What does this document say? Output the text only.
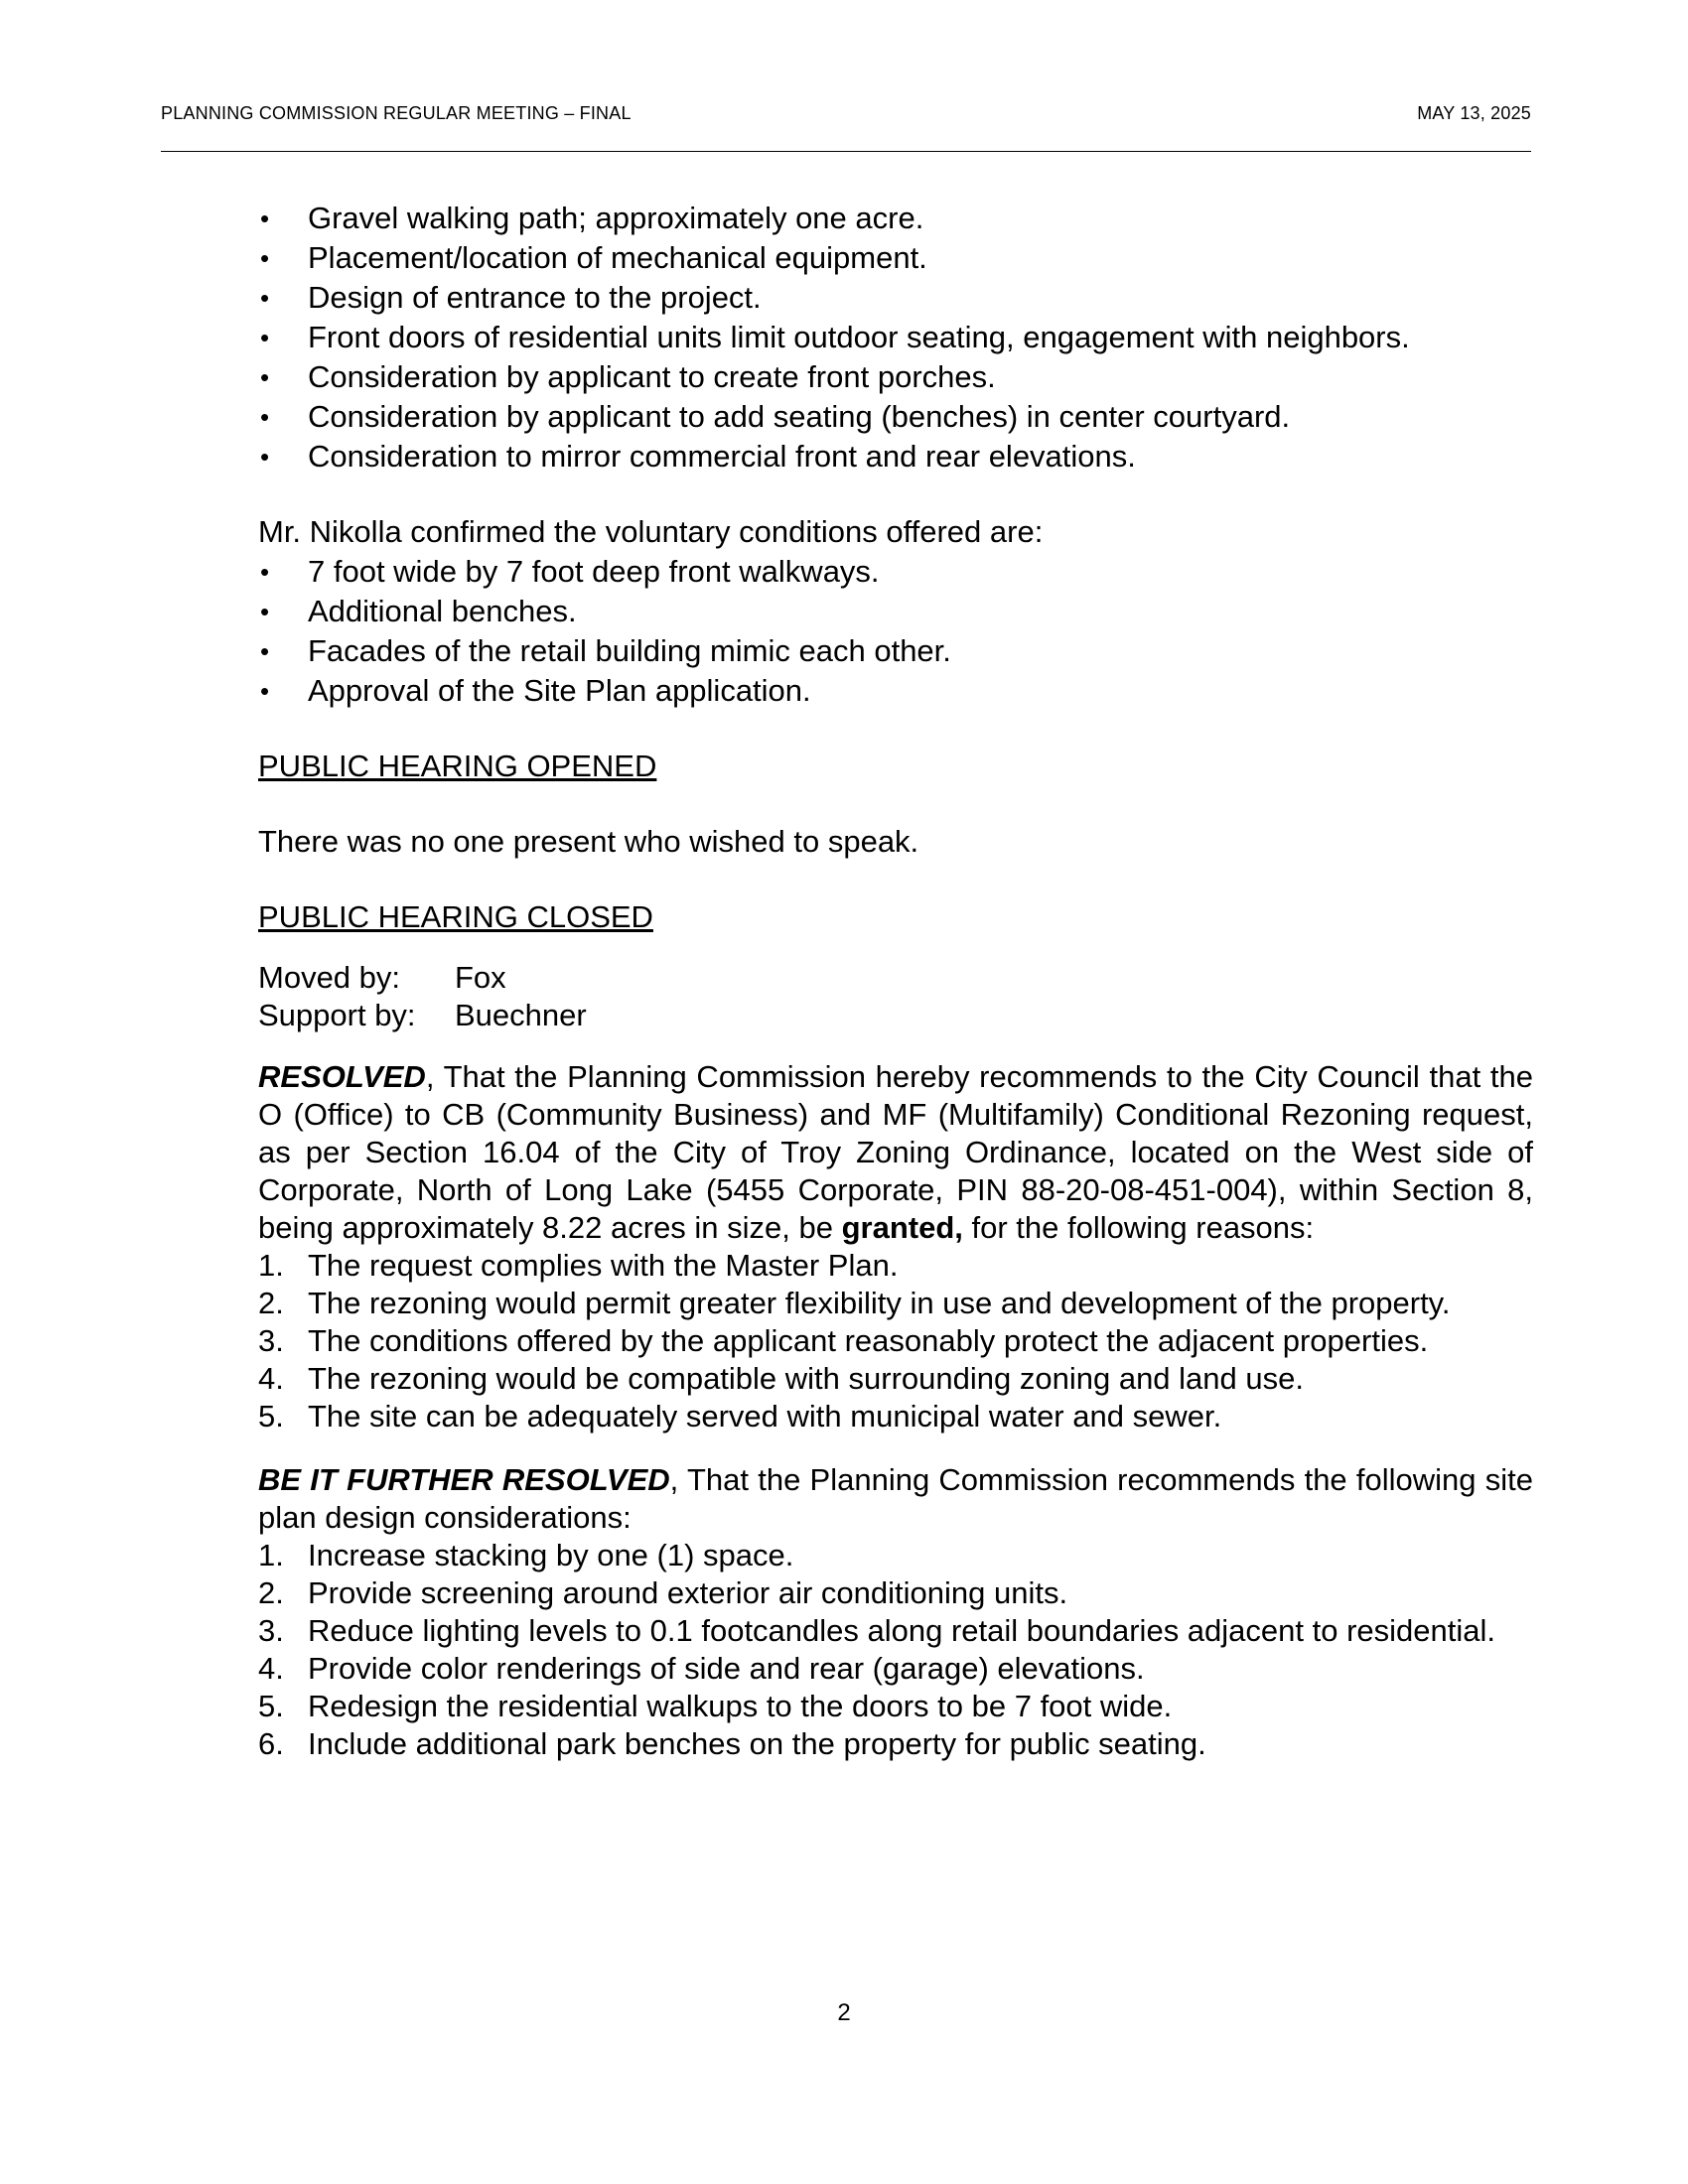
PLANNING COMMISSION REGULAR MEETING – FINAL	MAY 13, 2025
• Gravel walking path; approximately one acre.
• Placement/location of mechanical equipment.
• Design of entrance to the project.
• Front doors of residential units limit outdoor seating, engagement with neighbors.
• Consideration by applicant to create front porches.
• Consideration by applicant to add seating (benches) in center courtyard.
• Consideration to mirror commercial front and rear elevations.
Mr. Nikolla confirmed the voluntary conditions offered are:
• 7 foot wide by 7 foot deep front walkways.
• Additional benches.
• Facades of the retail building mimic each other.
• Approval of the Site Plan application.
PUBLIC HEARING OPENED
There was no one present who wished to speak.
PUBLIC HEARING CLOSED
Moved by:	Fox
Support by:	Buechner
RESOLVED, That the Planning Commission hereby recommends to the City Council that the O (Office) to CB (Community Business) and MF (Multifamily) Conditional Rezoning request, as per Section 16.04 of the City of Troy Zoning Ordinance, located on the West side of Corporate, North of Long Lake (5455 Corporate, PIN 88-20-08-451-004), within Section 8, being approximately 8.22 acres in size, be granted, for the following reasons:
1. The request complies with the Master Plan.
2. The rezoning would permit greater flexibility in use and development of the property.
3. The conditions offered by the applicant reasonably protect the adjacent properties.
4. The rezoning would be compatible with surrounding zoning and land use.
5. The site can be adequately served with municipal water and sewer.
BE IT FURTHER RESOLVED, That the Planning Commission recommends the following site plan design considerations:
1. Increase stacking by one (1) space.
2. Provide screening around exterior air conditioning units.
3. Reduce lighting levels to 0.1 footcandles along retail boundaries adjacent to residential.
4. Provide color renderings of side and rear (garage) elevations.
5. Redesign the residential walkups to the doors to be 7 foot wide.
6. Include additional park benches on the property for public seating.
2
